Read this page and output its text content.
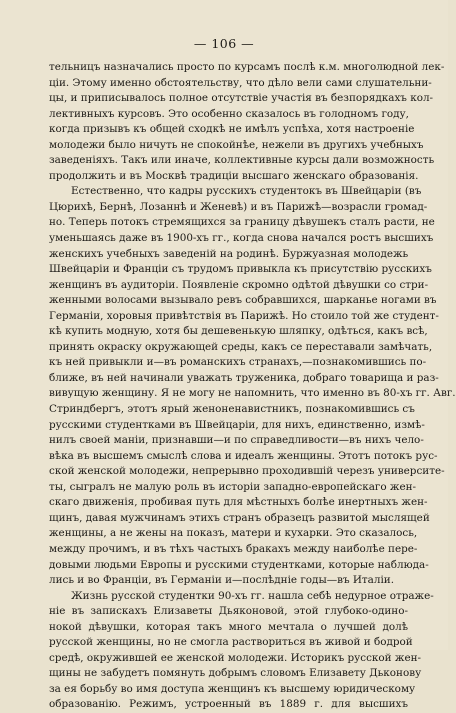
— 106 —
тельницъ назначались просто по курсамъ послѣ к.м. многолюдной лек-
ціи. Этому именно обстоятельству, что дѣло вели сами слушательни-
цы, и приписывалось полное отсутствіе участія въ безпорядкахъ кол-
лективныхъ курсовъ. Это особенно сказалось въ голодномъ году,
когда призывъ къ общей сходкѣ не имѣлъ успѣха, хотя настроеніе
молодежи было ничуть не спокойнѣе, нежели въ другихъ учебныхъ
заведеніяхъ. Такъ или иначе, коллективные курсы дали возможность
продолжить и въ Москвѣ традиціи высшаго женскаго образованія.
Естественно, что кадры русскихъ студентокъ въ Швейцаріи (въ
Цюрихѣ, Бернѣ, Лозаннѣ и Женевѣ) и въ Парижѣ—возрасли громад-
но. Теперь потокъ стремящихся за границу дѣвушекъ сталъ расти, не
уменьшаясь даже въ 1900-хъ гг., когда снова начался ростъ высшихъ
женскихъ учебныхъ заведеній на родинѣ. Буржуазная молодежь
Швейцаріи и Франціи съ трудомъ привыкла къ присутствію русскихъ
женщинъ въ аудиторіи. Появленіе скромно одѣтой дѣвушки со стри-
женными волосами вызывало ревъ собравшихся, шарканье ногами въ
Германіи, хоровыя привѣтствія въ Парижѣ. Но стоило той же студент-
кѣ купить модную, хотя бы дешевенькую шляпку, одѣться, какъ всѣ,
принять окраску окружающей среды, какъ се переставали замѣчать,
къ ней привыкли и—въ романскихъ странахъ,—познакомившись по-
ближе, въ ней начинали уважать труженика, добраго товарища и раз-
вивущую женщину. Я не могу не напомнить, что именно въ 80-хъ гг. Авг.
Стриндбергъ, этотъ ярый женоненавистникъ, познакомившись съ
русскими студентками въ Швейцаріи, для нихъ, единственно, измѣ-
нилъ своей маніи, признавши—и по справедливости—въ нихъ чело-
вѣка въ высшемъ смыслѣ слова и идеалъ женщины. Этотъ потокъ рус-
ской женской молодежи, непрерывно проходившій черезъ университе-
ты, сыгралъ не малую роль въ исторіи западно-европейскаго жен-
скаго движенія, пробивая путь для мѣстныхъ болѣе инертныхъ жен-
щинъ, давая мужчинамъ этихъ странъ образецъ развитой мыслящей
женщины, а не жены на показъ, матери и кухарки. Это сказалось,
между прочимъ, и въ тѣхъ частыхъ бракахъ между наиболѣе пере-
довыми людьми Европы и русскими студентками, которые наблюда-
лись и во Франціи, въ Германіи и—послѣдніе годы—въ Италіи.
Жизнь русской студентки 90-хъ гг. нашла себѣ недурное отраже-
ніе въ запискахъ Елизаветы Дьяконовой, этой глубоко-одино-
нокой дѣвушки, которая такъ много мечтала о лучшей долѣ
русской женщины, но не смогла раствориться въ живой и бодрой
средѣ, окружившей ее женской молодежи. Историкъ русской жен-
щины не забудетъ помянуть добрымъ словомъ Елизавету Дьконову
за ея борьбу во имя доступа женщинъ къ высшему юридическому
образованію. Режимъ, устроенный въ 1889 г. для высшихъ
